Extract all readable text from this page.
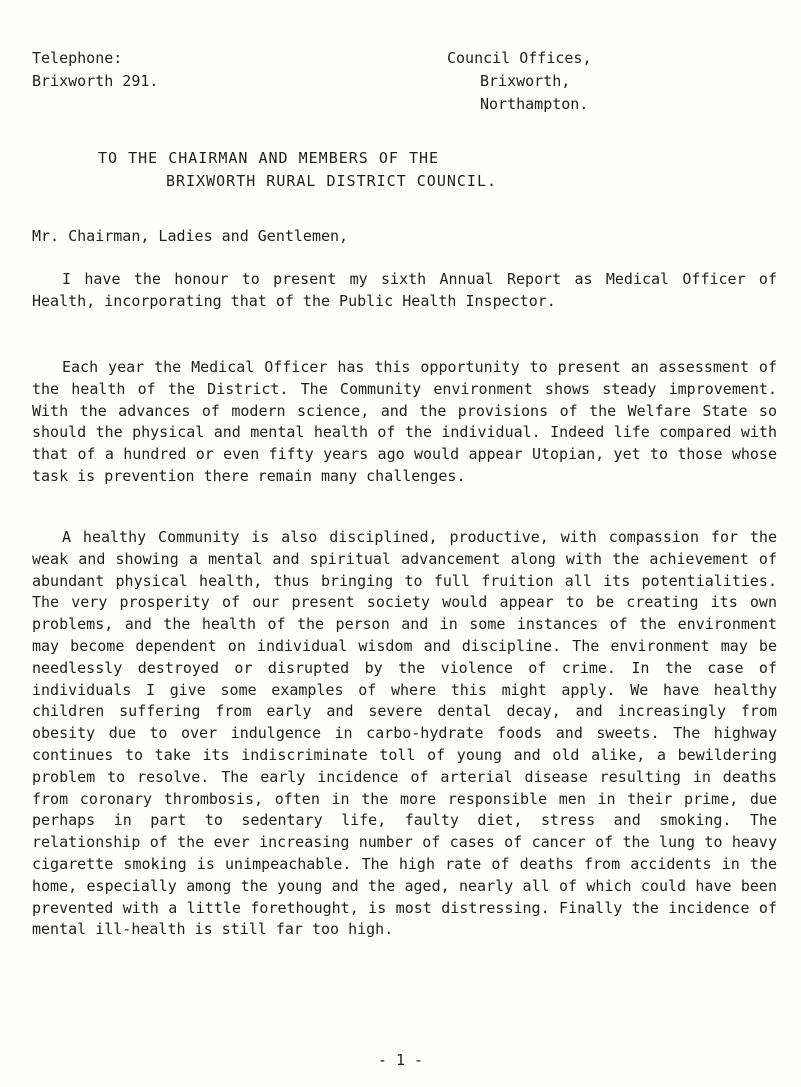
Telephone:
Brixworth 291.
Council Offices,
Brixworth,
Northampton.
TO THE CHAIRMAN AND MEMBERS OF THE
BRIXWORTH RURAL DISTRICT COUNCIL.
Mr. Chairman, Ladies and Gentlemen,

I have the honour to present my sixth Annual Report as Medical Officer of Health, incorporating that of the Public Health Inspector.

Each year the Medical Officer has this opportunity to present an assessment of the health of the District. The Community environment shows steady improvement. With the advances of modern science, and the provisions of the Welfare State so should the physical and mental health of the individual. Indeed life compared with that of a hundred or even fifty years ago would appear Utopian, yet to those whose task is prevention there remain many challenges.

A healthy Community is also disciplined, productive, with compassion for the weak and showing a mental and spiritual advancement along with the achievement of abundant physical health, thus bringing to full fruition all its potentialities. The very prosperity of our present society would appear to be creating its own problems, and the health of the person and in some instances of the environment may become dependent on individual wisdom and discipline. The environment may be needlessly destroyed or disrupted by the violence of crime. In the case of individuals I give some examples of where this might apply. We have healthy children suffering from early and severe dental decay, and increasingly from obesity due to over indulgence in carbo-hydrate foods and sweets. The highway continues to take its indiscriminate toll of young and old alike, a bewildering problem to resolve. The early incidence of arterial disease resulting in deaths from coronary thrombosis, often in the more responsible men in their prime, due perhaps in part to sedentary life, faulty diet, stress and smoking. The relationship of the ever increasing number of cases of cancer of the lung to heavy cigarette smoking is unimpeachable. The high rate of deaths from accidents in the home, especially among the young and the aged, nearly all of which could have been prevented with a little forethought, is most distressing. Finally the incidence of mental ill-health is still far too high.

- 1 -
